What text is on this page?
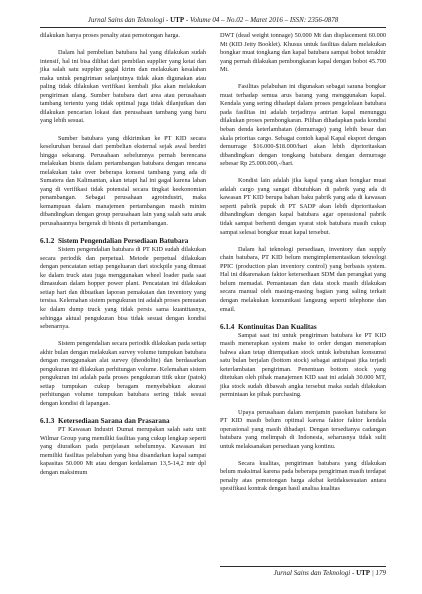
Jurnal Sains dan Teknologi - UTP - Volume 04 – No.02 – Maret 2016 – ISSN: 2356-0878

dilakukan hanya proses penalty atau pemotongan harga.

Dalam hal pembelian batubara hal yang dilakukan sudah intensif, hal ini bisa dilihat dari pembilan supplier yang ketat dan jika salah satu supplier gagal kirim dan melakukan kesalahan maka untuk pengiriman selanjutnya tidak akan digunakan atau paling tidak dilakukan verifikasi kembali jika akan melakukan pengiriman ulang. Sumber batubara dari area atau perusahaan tambang tertentu yang tidak optimal juga tidak dilanjutkan dan dilakukan pencarian lokasi dan perusahaan tambang yang baru yang lebih sesuai.

Sumber batubara yang dikirimkan ke PT KID secara keseluruhan berasal dari pembelian eksternal sejak awal berdiri hingga sekarang. Perusahaan sebelumnya pernah berencana melakukan bisnis dalam pertambangan batubara dengan rencana melakukan take over beberapa konsesi tambang yang ada di Sumatera dan Kalimantan, akan tetapi hal ini gagal karena lahan yang di verifikasi tidak potensial secara tingkat keekonomian penambangan. Sebagai perusahaan agroindustri, maka kemampuan dalam manajemen pertambangan masih minim dibandingkan dengan group perusahaan lain yang salah satu anak perusahaannya bergerak di bisnis di pertambangan.

6.1.2 Sistem Pengendalian Persediaan Batubara

Sistem pengendalian batubara di PT KID sudah dilakukan secara periodik dan perpetual. Metode perpetual dilakukan dengan pencatatan setiap pengeluaran dari stockpile yang dimuat ke dalam truck atau juga menggunakan wheel loader pada saat dimasukan dalam hopper power plant. Pencatatan ini dilakukan setiap hari dan dibuatkan laporan pemakaian dan inventory yang tersisa. Kelemahan sistem pengukuran ini adalah proses pemuatan ke dalam dump truck yang tidak persis sama kuantitasnya, sehingga aktual pengukuran bisa tidak sesuai dengan kondisi sebenarnya.

Sistem pengendalian secara periodik dilakukan pada setiap akhir bulan dengan melakukan survey volume tumpukan batubara dengan menggunakan alat survey (theodolite) dan berdasarkan pengukuran ini dilakukan perhitungan volume. Kelemahan sistem pengukuran ini adalah pada proses pengukuran titik ukur (patok) setiap tumpukan cukup beragam menyebabkan akurasi perhitungan volume tumpukan batubara sering tidak sesuai dengan kondisi di lapangan.

6.1.3 Ketersediaan Sarana dan Prasarana

PT Kawasan Industri Dumai merupakan salah satu unit Wilmar Group yang memiliki fasilitas yang cukup lengkap seperti yang diuraikan pada penjelasan sebelumnya. Kawasan ini memiliki fasilitas pelabuhan yang bisa disandarkan kapal sampai kapasitas 50.000 Mt atau dengan kedalaman 13,5-14,2 mtr dpl dengan maksimum

DWT (dead weight tonnage) 50.000 Mt dan displacement 60.000 Mt (KID Jetty Booklet). Khusus untuk fasilitas dalam melakukan bongkar muat tongkang dan kapal batubara sampai bobot terakhir yang pernah dilakukan pembongkaran kapal dengan bobot 45.700 Mt.

Fasilitas pelabuhan ini digunakan sebagai sarana bongkar muat terhadap semua arus barang yang menggunakan kapal. Kendala yang sering dihadapi dalam proses pengelolaan batubara pada fasilitas ini adalah terjadinya antrian kapal menunggu dilakukan proses pembongkaran. Pilihan dihadapkan pada kondisi beban denda keterlambatan (demurrage) yang lebih besar dan skala prioritas cargo. Sebagai contoh kapal Kapal eksport dengan demurrage $16.000-$18.000/hari akan lebih diprioritaskan dibandingkan dengan tongkang batubara dengan demurrage sebesar Rp 25.000.000,-/hari.

Kondisi lain adalah jika kapal yang akan bongkar muat adalah cargo yang sangat dibutuhkan di pabrik yang ada di kawasan PT KID berupa bahan baku pabrik yang ada di kawasan seperti pabrik pupuk di PT SADP akan lebih diprioritaskan dibandingkan dengan kapal batubara agar operasional pabrik tidak sampai berhenti dengan syarat stok batubara masih cukup sampai selesai bongkar muat kapal tersebut.

Dalam hal teknologi persediaan, inventory dan supply chain batubara, PT KID belum mengimplementasikan teknologi PPIC (production plan inventory control) yang berbasis system. Hal ini dikarenakan faktor ketersediaan SDM dan perangkat yang belum memadai. Pemantauan dan data stock masih dilakukan secara manual oleh masing-masing bagian yang saling terkait dengan melakukan komunikasi langsung seperti telephone dan email.

6.1.4 Kontinuitas Dan Kualitas

Sampai saat ini untuk pengiriman batubara ke PT KID masih menerapkan system make to order dengan menerapkan bahwa akan tetap ditempatkan stock untuk kebutuhan konsumsi satu bulan berjalan (bottom stock) sebagai antisipasi jika terjadi keterlambatan pengiriman. Penentuan bottom stock yang ditetukan oleh pihak manajemen KID saat ini adalah 30.000 MT, jika stock sudah dibawah angka tersebut maka sudah dilakukan permintaan ke pihak purchasing.

Upaya perusahaan dalam menjamin pasokan batubara ke PT KID masih belum optimal karena faktor faktor kendala operasional yang masih dihadapi. Dengan tersedianya cadangan batubara yang melimpah di Indonesia, seharusnya tidak sulit untuk melaksanakan persediaan yang kontinu.

Secara kualitas, pengiriman batubara yang dilakukan belum maksimal karena pada beberapa pengiriman masih terdapat penalty atas pemotongan harga akibat ketidaksesuaian antara spesifikasi kontrak dengan hasil analisa kualitas

Jurnal Sains dan Teknologi - UTP | 179
